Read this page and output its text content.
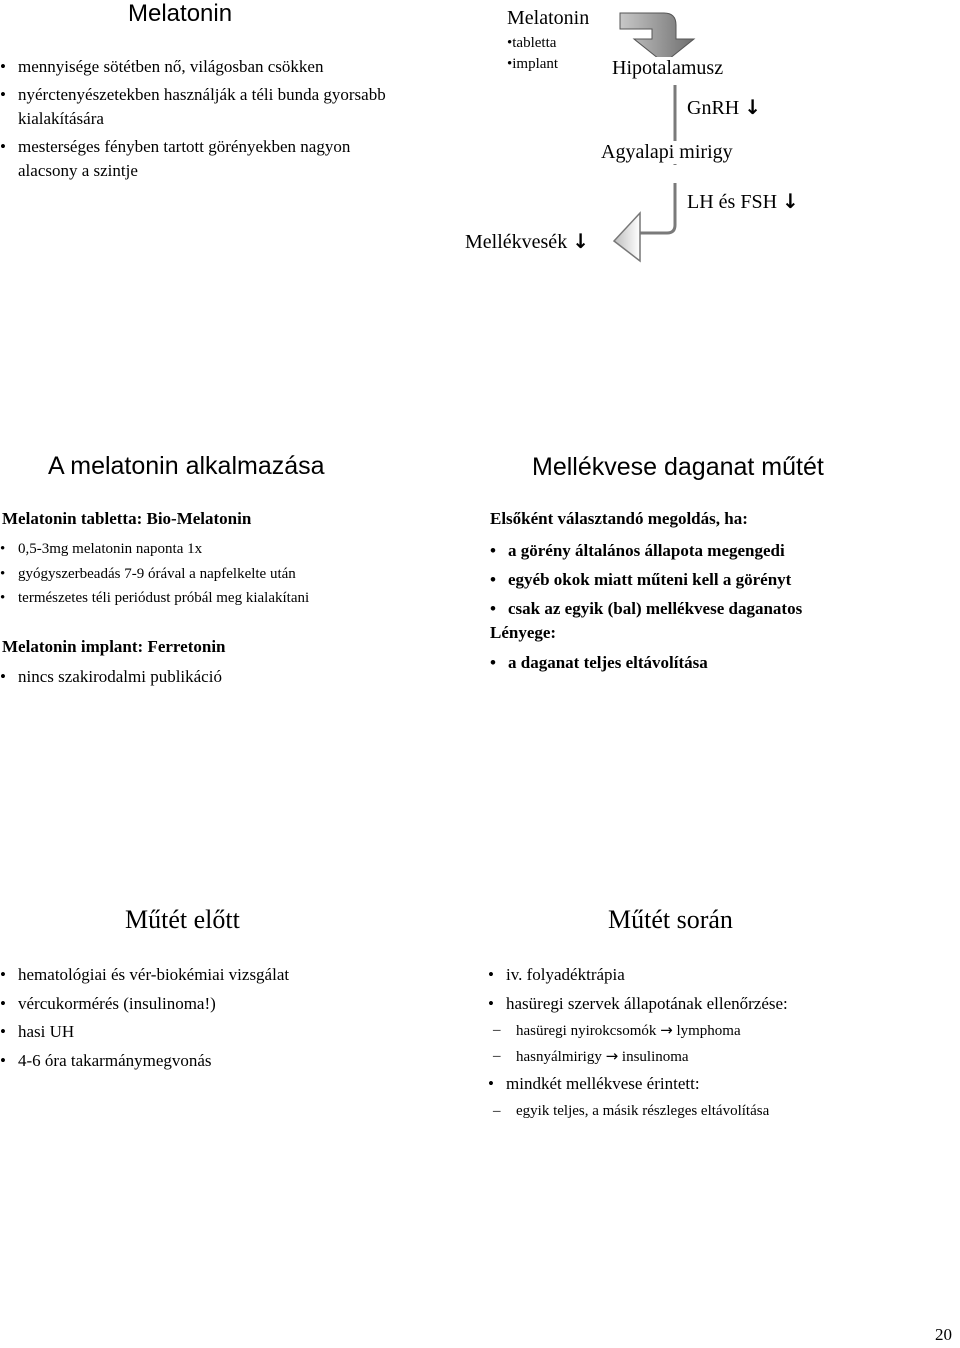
Melatonin
• mennyisége sötétben nő, világosban csökken
• nyérctenyészetekben használják a téli bunda gyorsabb kialakítására
• mesterséges fényben tartott görényekben nagyon alacsony a szintje
Melatonin
•tabletta
•implant	Hipotalamusz
GnRH ↓
Agyalapi mirigy
LH és FSH ↓
Mellékvesék ↓
A melatonin alkalmazása
Melatonin tabletta: Bio-Melatonin
• 0,5-3mg melatonin naponta 1x
• gyógyszerbeadás 7-9 órával a napfelkelte után
• természetes téli periódust próbál meg kialakítani
Melatonin implant: Ferretonin
• nincs szakirodalmi publikáció
Mellékvese daganat műtét
Elsőként választandó megoldás, ha:
• a görény általános állapota megengedi
• egyéb okok miatt műteni kell a görényt
• csak az egyik (bal) mellékvese daganatos
Lényege:
• a daganat teljes eltávolítása
Műtét előtt
• hematológiai és vér-biokémiai vizsgálat
• vércukormérés (insulinoma!)
• hasi UH
• 4-6 óra takarmánymegvonás
Műtét során
• iv. folyadéktrápia
• hasüregi szervek állapotának ellenőrzése:
– hasüregi nyirokcsomók → lymphoma
– hasnyálmirigy → insulinoma
• mindkét mellékvese érintett:
– egyik teljes, a másik részleges eltávolítása
20
